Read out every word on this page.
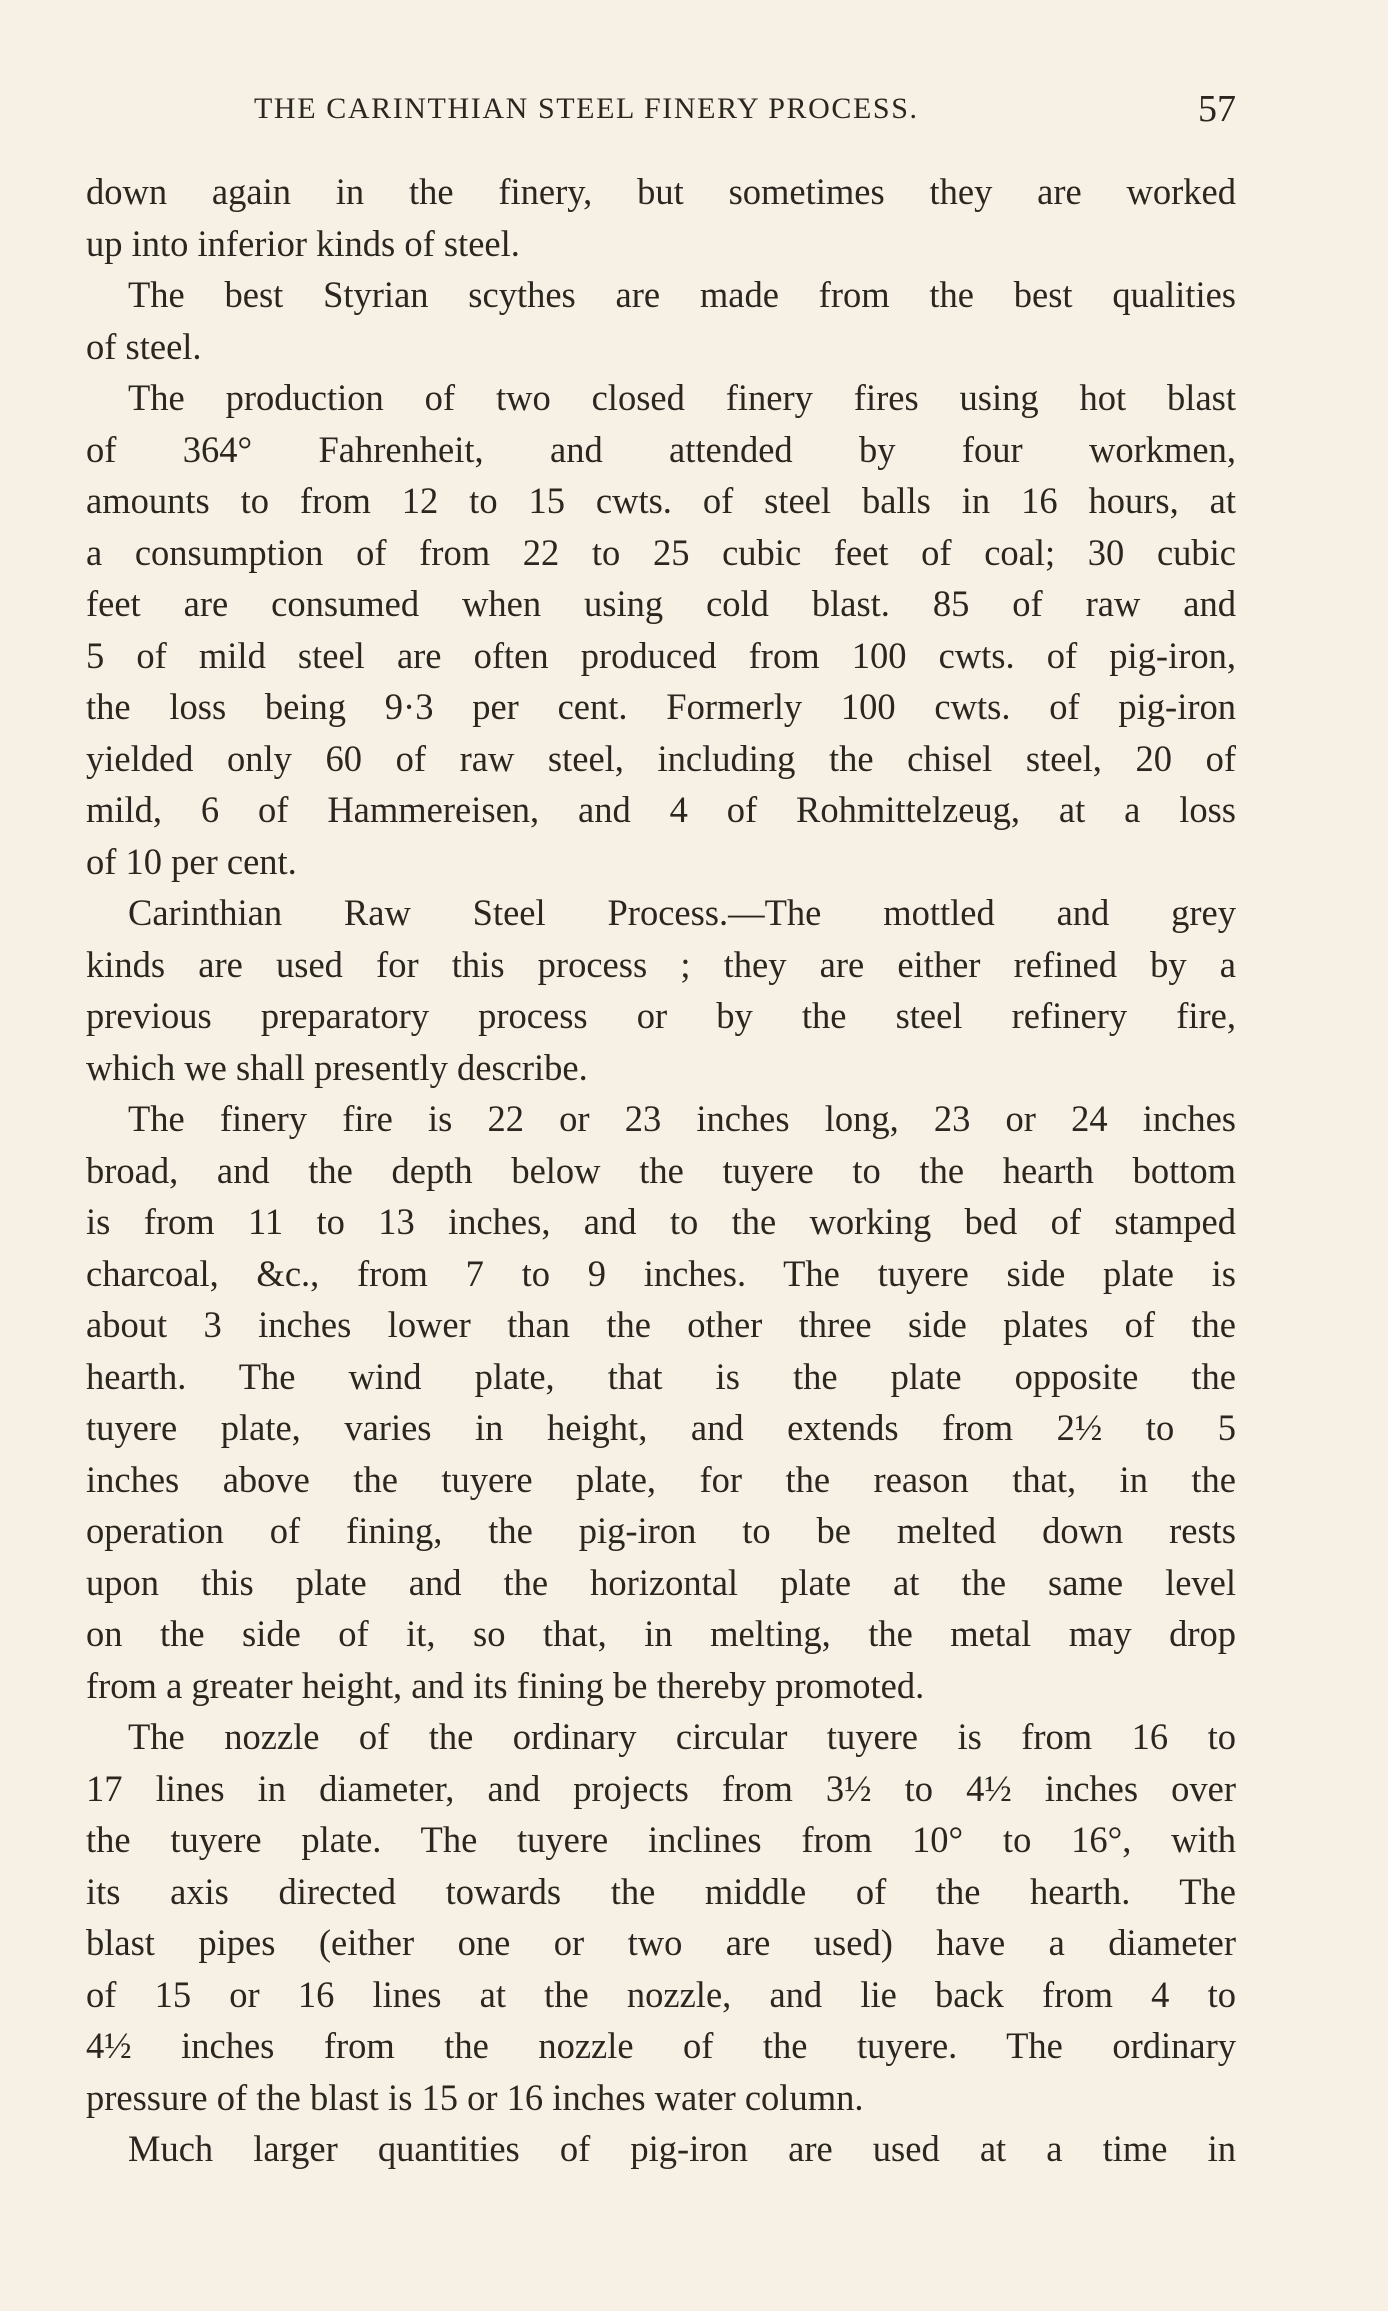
THE CARINTHIAN STEEL FINERY PROCESS.	57
down again in the finery, but sometimes they are worked
up into inferior kinds of steel.
The best Styrian scythes are made from the best qualities
of steel.
The production of two closed finery fires using hot blast
of 364° Fahrenheit, and attended by four workmen,
amounts to from 12 to 15 cwts. of steel balls in 16 hours, at
a consumption of from 22 to 25 cubic feet of coal; 30 cubic
feet are consumed when using cold blast. 85 of raw and
5 of mild steel are often produced from 100 cwts. of pig-iron,
the loss being 9·3 per cent. Formerly 100 cwts. of pig-iron
yielded only 60 of raw steel, including the chisel steel, 20 of
mild, 6 of Hammereisen, and 4 of Rohmittelzeug, at a loss
of 10 per cent.
Carinthian Raw Steel Process.—The mottled and grey
kinds are used for this process ; they are either refined by a
previous preparatory process or by the steel refinery fire,
which we shall presently describe.
The finery fire is 22 or 23 inches long, 23 or 24 inches
broad, and the depth below the tuyere to the hearth bottom
is from 11 to 13 inches, and to the working bed of stamped
charcoal, &c., from 7 to 9 inches. The tuyere side plate is
about 3 inches lower than the other three side plates of the
hearth. The wind plate, that is the plate opposite the
tuyere plate, varies in height, and extends from 2½ to 5
inches above the tuyere plate, for the reason that, in the
operation of fining, the pig-iron to be melted down rests
upon this plate and the horizontal plate at the same level
on the side of it, so that, in melting, the metal may drop
from a greater height, and its fining be thereby promoted.
The nozzle of the ordinary circular tuyere is from 16 to
17 lines in diameter, and projects from 3½ to 4½ inches over
the tuyere plate. The tuyere inclines from 10° to 16°, with
its axis directed towards the middle of the hearth. The
blast pipes (either one or two are used) have a diameter
of 15 or 16 lines at the nozzle, and lie back from 4 to
4½ inches from the nozzle of the tuyere. The ordinary
pressure of the blast is 15 or 16 inches water column.
Much larger quantities of pig-iron are used at a time in
